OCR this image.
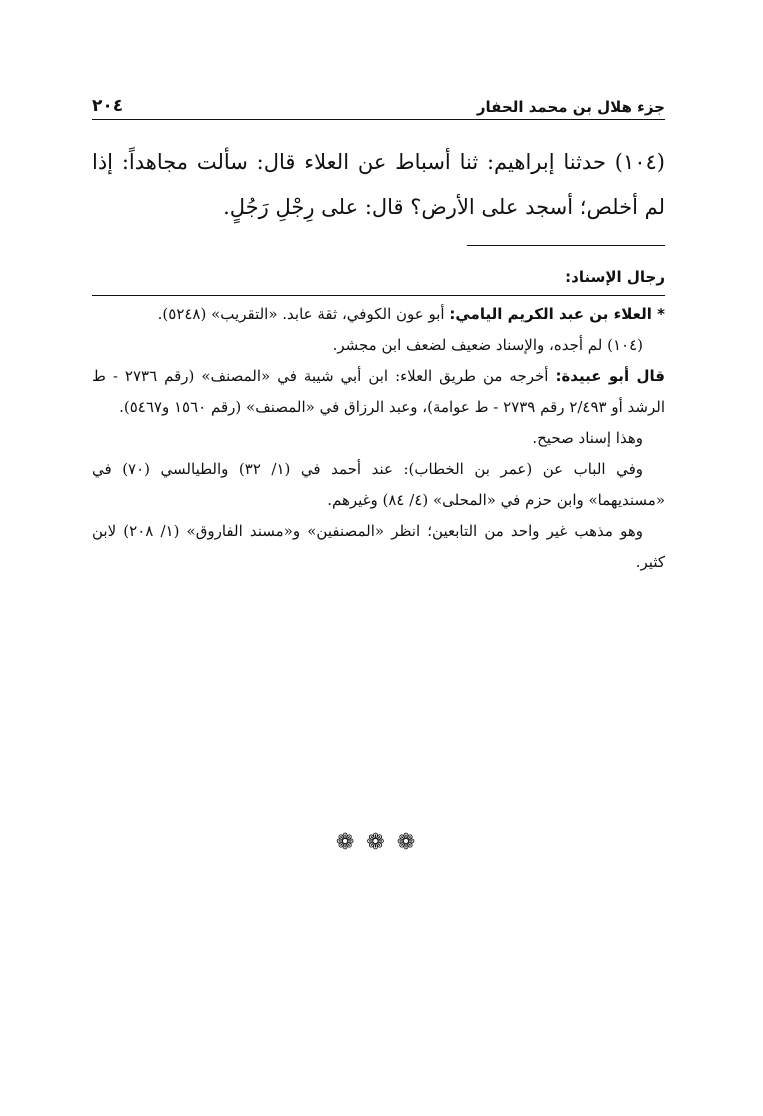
جزء هلال بن محمد الحفار
٢٠٤

(١٠٤) حدثنا إبراهيم: ثنا أسباط عن العلاء قال: سألت مجاهداً: إذا لم أخلص؛ أسجد على الأرض؟ قال: على رِجْلِ رَجُلٍ.

رجال الإسناد:

* العلاء بن عبد الكريم اليامي: أبو عون الكوفي، ثقة عابد. «التقريب» (٥٢٤٨).

(١٠٤) لم أجده، والإسناد ضعيف لضعف ابن مجشر.

قال أبو عبيدة: أخرجه من طريق العلاء: ابن أبي شيبة في «المصنف» (رقم ٢٧٣٦ - ط الرشد أو ٢/٤٩٣ رقم ٢٧٣٩ - ط عوامة)، وعبد الرزاق في «المصنف» (رقم ١٥٦٠ و٥٤٦٧).

وهذا إسناد صحيح.

وفي الباب عن (عمر بن الخطاب): عند أحمد في (١/ ٣٢) والطيالسي (٧٠) في «مسنديهما» وابن حزم في «المحلى» (٤/ ٨٤) وغيرهم.

وهو مذهب غير واحد من التابعين؛ انظر «المصنفين» و«مسند الفاروق» (١/ ٢٠٨) لابن كثير.

❁❁❁
